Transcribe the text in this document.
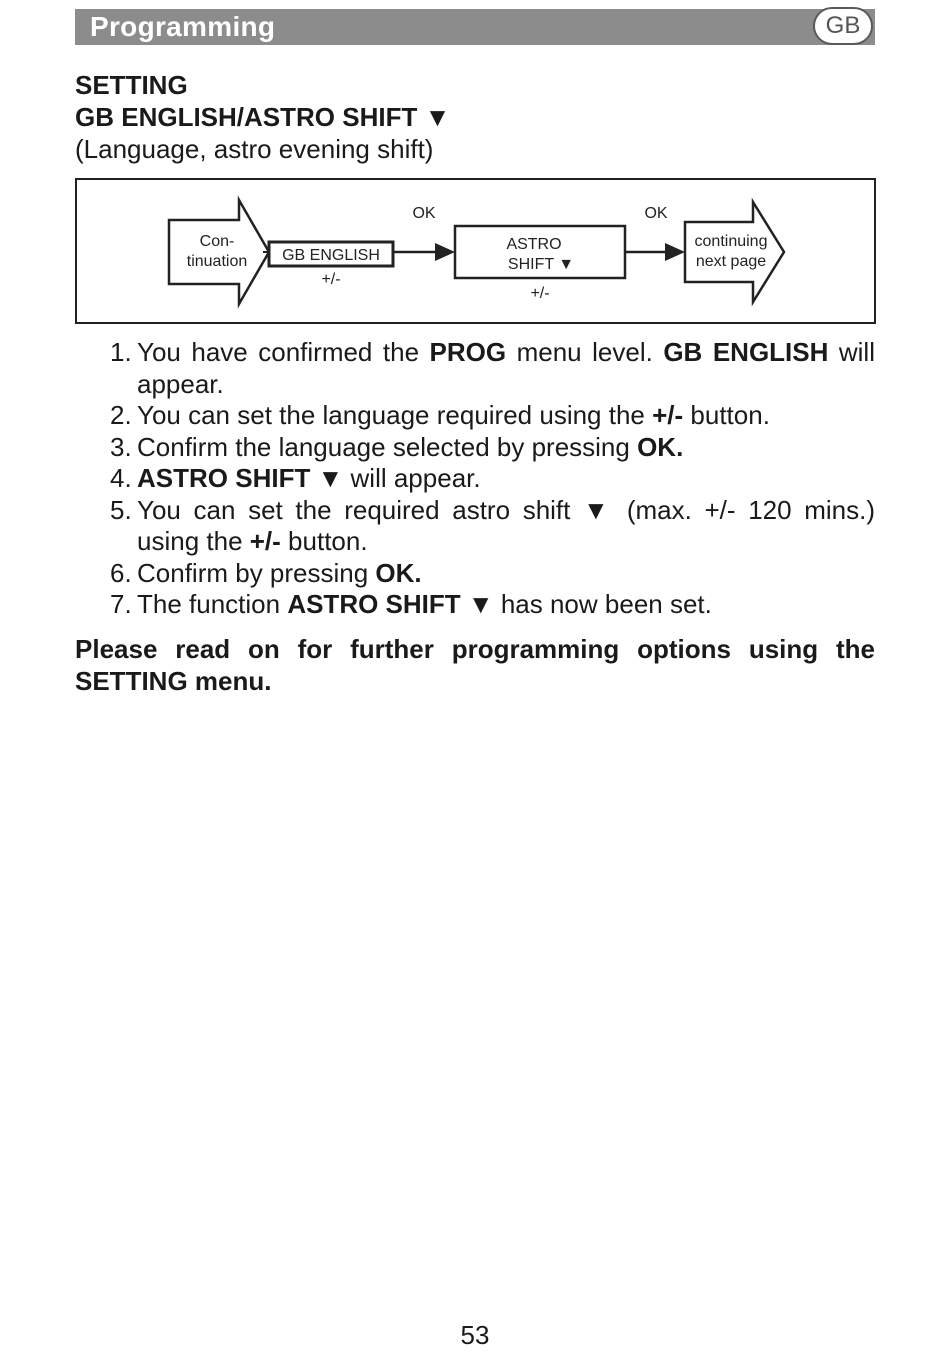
Programming	GB
SETTING
GB ENGLISH/ASTRO SHIFT ▼
(Language, astro evening shift)
Con-
tinuation GB ENGLISH
+/-
OK
ASTRO
SHIFT ▼
+/-
OK
continuing
next page
1. You have confirmed the PROG menu level. GB ENGLISH will appear.
2. You can set the language required using the +/- button.
3. Confirm the language selected by pressing OK.
4. ASTRO SHIFT ▼ will appear.
5. You can set the required astro shift ▼ (max. +/- 120 mins.) using the +/- button.
6. Confirm by pressing OK.
7. The function ASTRO SHIFT ▼ has now been set.
Please read on for further programming options using the SETTING menu.
53
